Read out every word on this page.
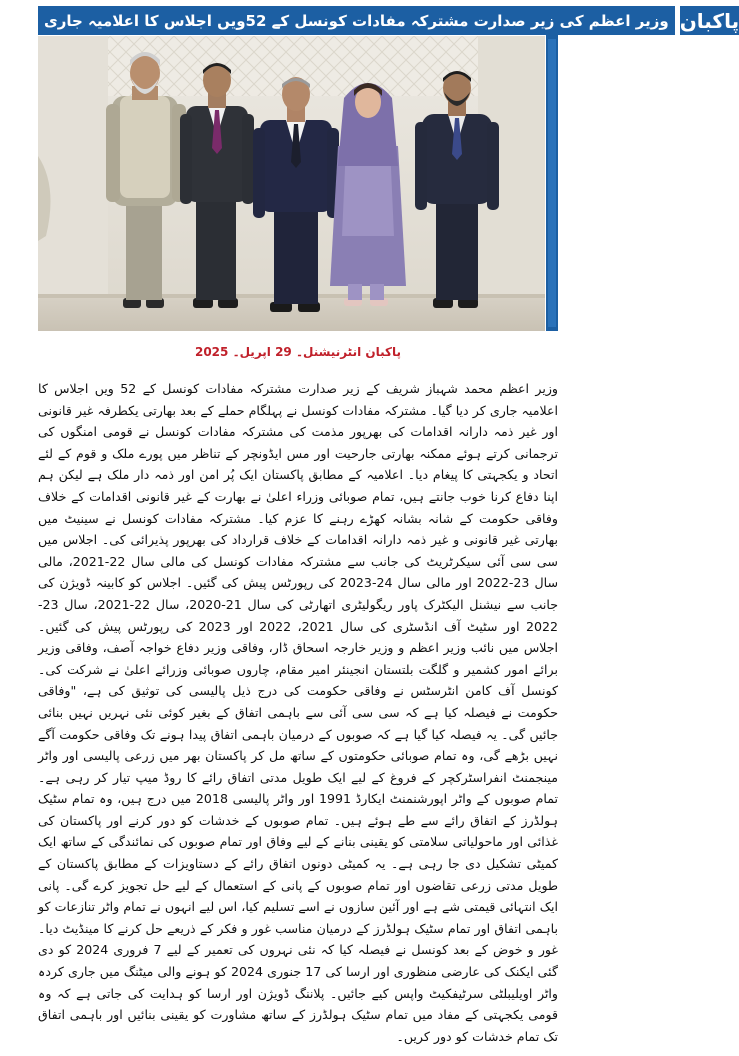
وزیر اعظم کی زیر صدارت مشترکہ مفادات کونسل کے 52ویں اجلاس کا اعلامیہ جاری پاکبان
پاکبان انٹرنیشنل۔ 29 اپریل۔ 2025
وزیر اعظم محمد شہباز شریف کے زیر صدارت مشترکہ مفادات کونسل کے 52 ویں اجلاس کا اعلامیہ جاری کر دیا گیا۔ مشترکہ مفادات کونسل نے پہلگام حملے کے بعد بھارتی یکطرفہ غیر قانونی اور غیر ذمہ دارانہ اقدامات کی بھرپور مذمت کی مشترکہ مفادات کونسل نے قومی امنگوں کی ترجمانی کرتے ہوئے ممکنہ بھارتی جارحیت اور مس ایڈونچر کے تناظر میں پورے ملک و قوم کے لئے اتحاد و یکجہتی کا پیغام دیا۔ اعلامیہ کے مطابق پاکستان ایک پُر امن اور ذمہ دار ملک ہے لیکن ہم اپنا دفاع کرنا خوب جانتے ہیں، تمام صوبائی وزراء اعلیٰ نے بھارت کے غیر قانونی اقدامات کے خلاف وفاقی حکومت کے شانہ بشانہ کھڑے رہنے کا عزم کیا۔ مشترکہ مفادات کونسل نے سینیٹ میں بھارتی غیر قانونی و غیر ذمہ دارانہ اقدامات کے خلاف قرارداد کی بھرپور پذیرائی کی۔ اجلاس میں سی سی آئی سیکرٹریٹ کی جانب سے مشترکہ مفادات کونسل کی مالی سال 22-2021، مالی سال 23-2022 اور مالی سال 24-2023 کی رپورٹس پیش کی گئیں۔ اجلاس کو کابینہ ڈویژن کی جانب سے نیشنل الیکٹرک پاور ریگولیٹری اتھارٹی کی سال 21-2020، سال 22-2021، سال 23-2022 اور سٹیٹ آف انڈسٹری کی سال 2021، 2022 اور 2023 کی رپورٹس پیش کی گئیں۔ اجلاس میں نائب وزیر اعظم و وزیر خارجہ اسحاق ڈار، وفاقی وزیر دفاع خواجہ آصف، وفاقی وزیر برائے امور کشمیر و گلگت بلتستان انجینئر امیر مقام، چاروں صوبائی وزرائے اعلیٰ نے شرکت کی۔ کونسل آف کامن انٹرسٹس نے وفاقی حکومت کی درج ذیل پالیسی کی توثیق کی ہے، "وفاقی حکومت نے فیصلہ کیا ہے کہ سی سی آئی سے باہمی اتفاق کے بغیر کوئی نئی نہریں نہیں بنائی جائیں گی۔ یہ فیصلہ کیا گیا ہے کہ صوبوں کے درمیان باہمی اتفاق پیدا ہونے تک وفاقی حکومت آگے نہیں بڑھے گی، وہ تمام صوبائی حکومتوں کے ساتھ مل کر پاکستان بھر میں زرعی پالیسی اور واٹر مینجمنٹ انفراسٹرکچر کے فروغ کے لیے ایک طویل مدتی اتفاق رائے کا روڈ میپ تیار کر رہی ہے۔ تمام صوبوں کے واٹر اپورشنمنٹ ایکارڈ 1991 اور واٹر پالیسی 2018 میں درج ہیں، وہ تمام سٹیک ہولڈرز کے اتفاق رائے سے طے ہوئے ہیں۔ تمام صوبوں کے خدشات کو دور کرنے اور پاکستان کی غذائی اور ماحولیاتی سلامتی کو یقینی بنانے کے لیے وفاق اور تمام صوبوں کی نمائندگی کے ساتھ ایک کمیٹی تشکیل دی جا رہی ہے۔ یہ کمیٹی دونوں اتفاق رائے کے دستاویزات کے مطابق پاکستان کے طویل مدتی زرعی تقاضوں اور تمام صوبوں کے پانی کے استعمال کے لیے حل تجویز کرے گی۔ پانی ایک انتہائی قیمتی شے ہے اور آئین سازوں نے اسے تسلیم کیا، اس لیے انہوں نے تمام واٹر تنازعات کو باہمی اتفاق اور تمام سٹیک ہولڈرز کے درمیان مناسب غور و فکر کے ذریعے حل کرنے کا مینڈیٹ دیا۔ غور و خوض کے بعد کونسل نے فیصلہ کیا کہ نئی نہروں کی تعمیر کے لیے 7 فروری 2024 کو دی گئی ایکنک کی عارضی منظوری اور ارسا کی 17 جنوری 2024 کو ہونے والی میٹنگ میں جاری کردہ واٹر اویلیبلٹی سرٹیفکیٹ واپس کیے جائیں۔ پلاننگ ڈویژن اور ارسا کو ہدایت کی جاتی ہے کہ وہ قومی یکجہتی کے مفاد میں تمام سٹیک ہولڈرز کے ساتھ مشاورت کو یقینی بنائیں اور باہمی اتفاق تک تمام خدشات کو دور کریں۔
